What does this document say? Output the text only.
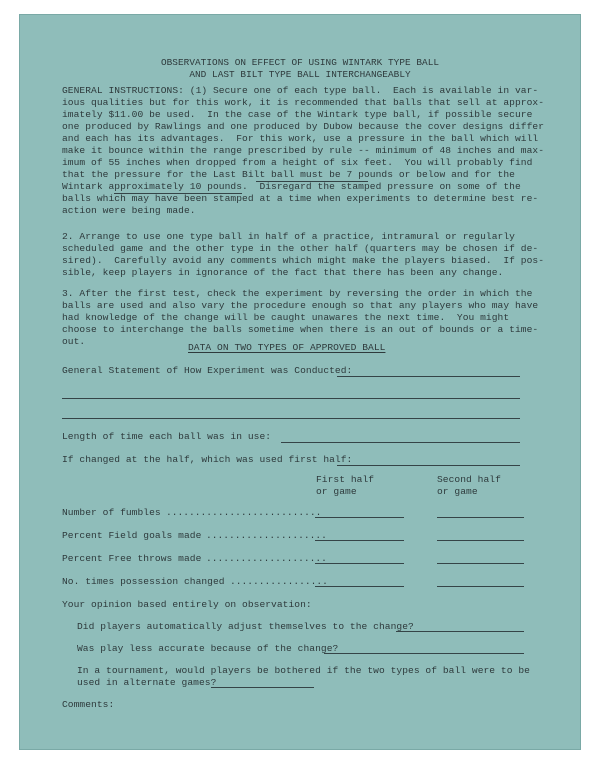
OBSERVATIONS ON EFFECT OF USING WINTARK TYPE BALL
AND LAST BILT TYPE BALL INTERCHANGEABLY
GENERAL INSTRUCTIONS: (1) Secure one of each type ball.  Each is available in var-
ious qualities but for this work, it is recommended that balls that sell at approx-
imately $11.00 be used.  In the case of the Wintark type ball, if possible secure
one produced by Rawlings and one produced by Dubow because the cover designs differ
and each has its advantages.  For this work, use a pressure in the ball which will
make it bounce within the range prescribed by rule -- minimum of 48 inches and max-
imum of 55 inches when dropped from a height of six feet.  You will probably find
that the pressure for the Last Bilt ball must be 7 pounds or below and for the
Wintark approximately 10 pounds.  Disregard the stamped pressure on some of the
balls which may have been stamped at a time when experiments to determine best re-
action were being made.
2. Arrange to use one type ball in half of a practice, intramural or regularly
scheduled game and the other type in the other half (quarters may be chosen if de-
sired).  Carefully avoid any comments which might make the players biased.  If pos-
sible, keep players in ignorance of the fact that there has been any change.
3. After the first test, check the experiment by reversing the order in which the
balls are used and also vary the procedure enough so that any players who may have
had knowledge of the change will be caught unawares the next time.  You might
choose to interchange the balls sometime when there is an out of bounds or a time-
out.
DATA ON TWO TYPES OF APPROVED BALL
General Statement of How Experiment was Conducted:
Length of time each ball was in use:
If changed at the half, which was used first half:
First half
or game
Second half
or game
Number of fumbles ...........................
Percent Field goals made .....................
Percent Free throws made .....................
No. times possession changed .................
Your opinion based entirely on observation:
Did players automatically adjust themselves to the change?
Was play less accurate because of the change?
In a tournament, would players be bothered if the two types of ball were to be
used in alternate games?
Comments:
